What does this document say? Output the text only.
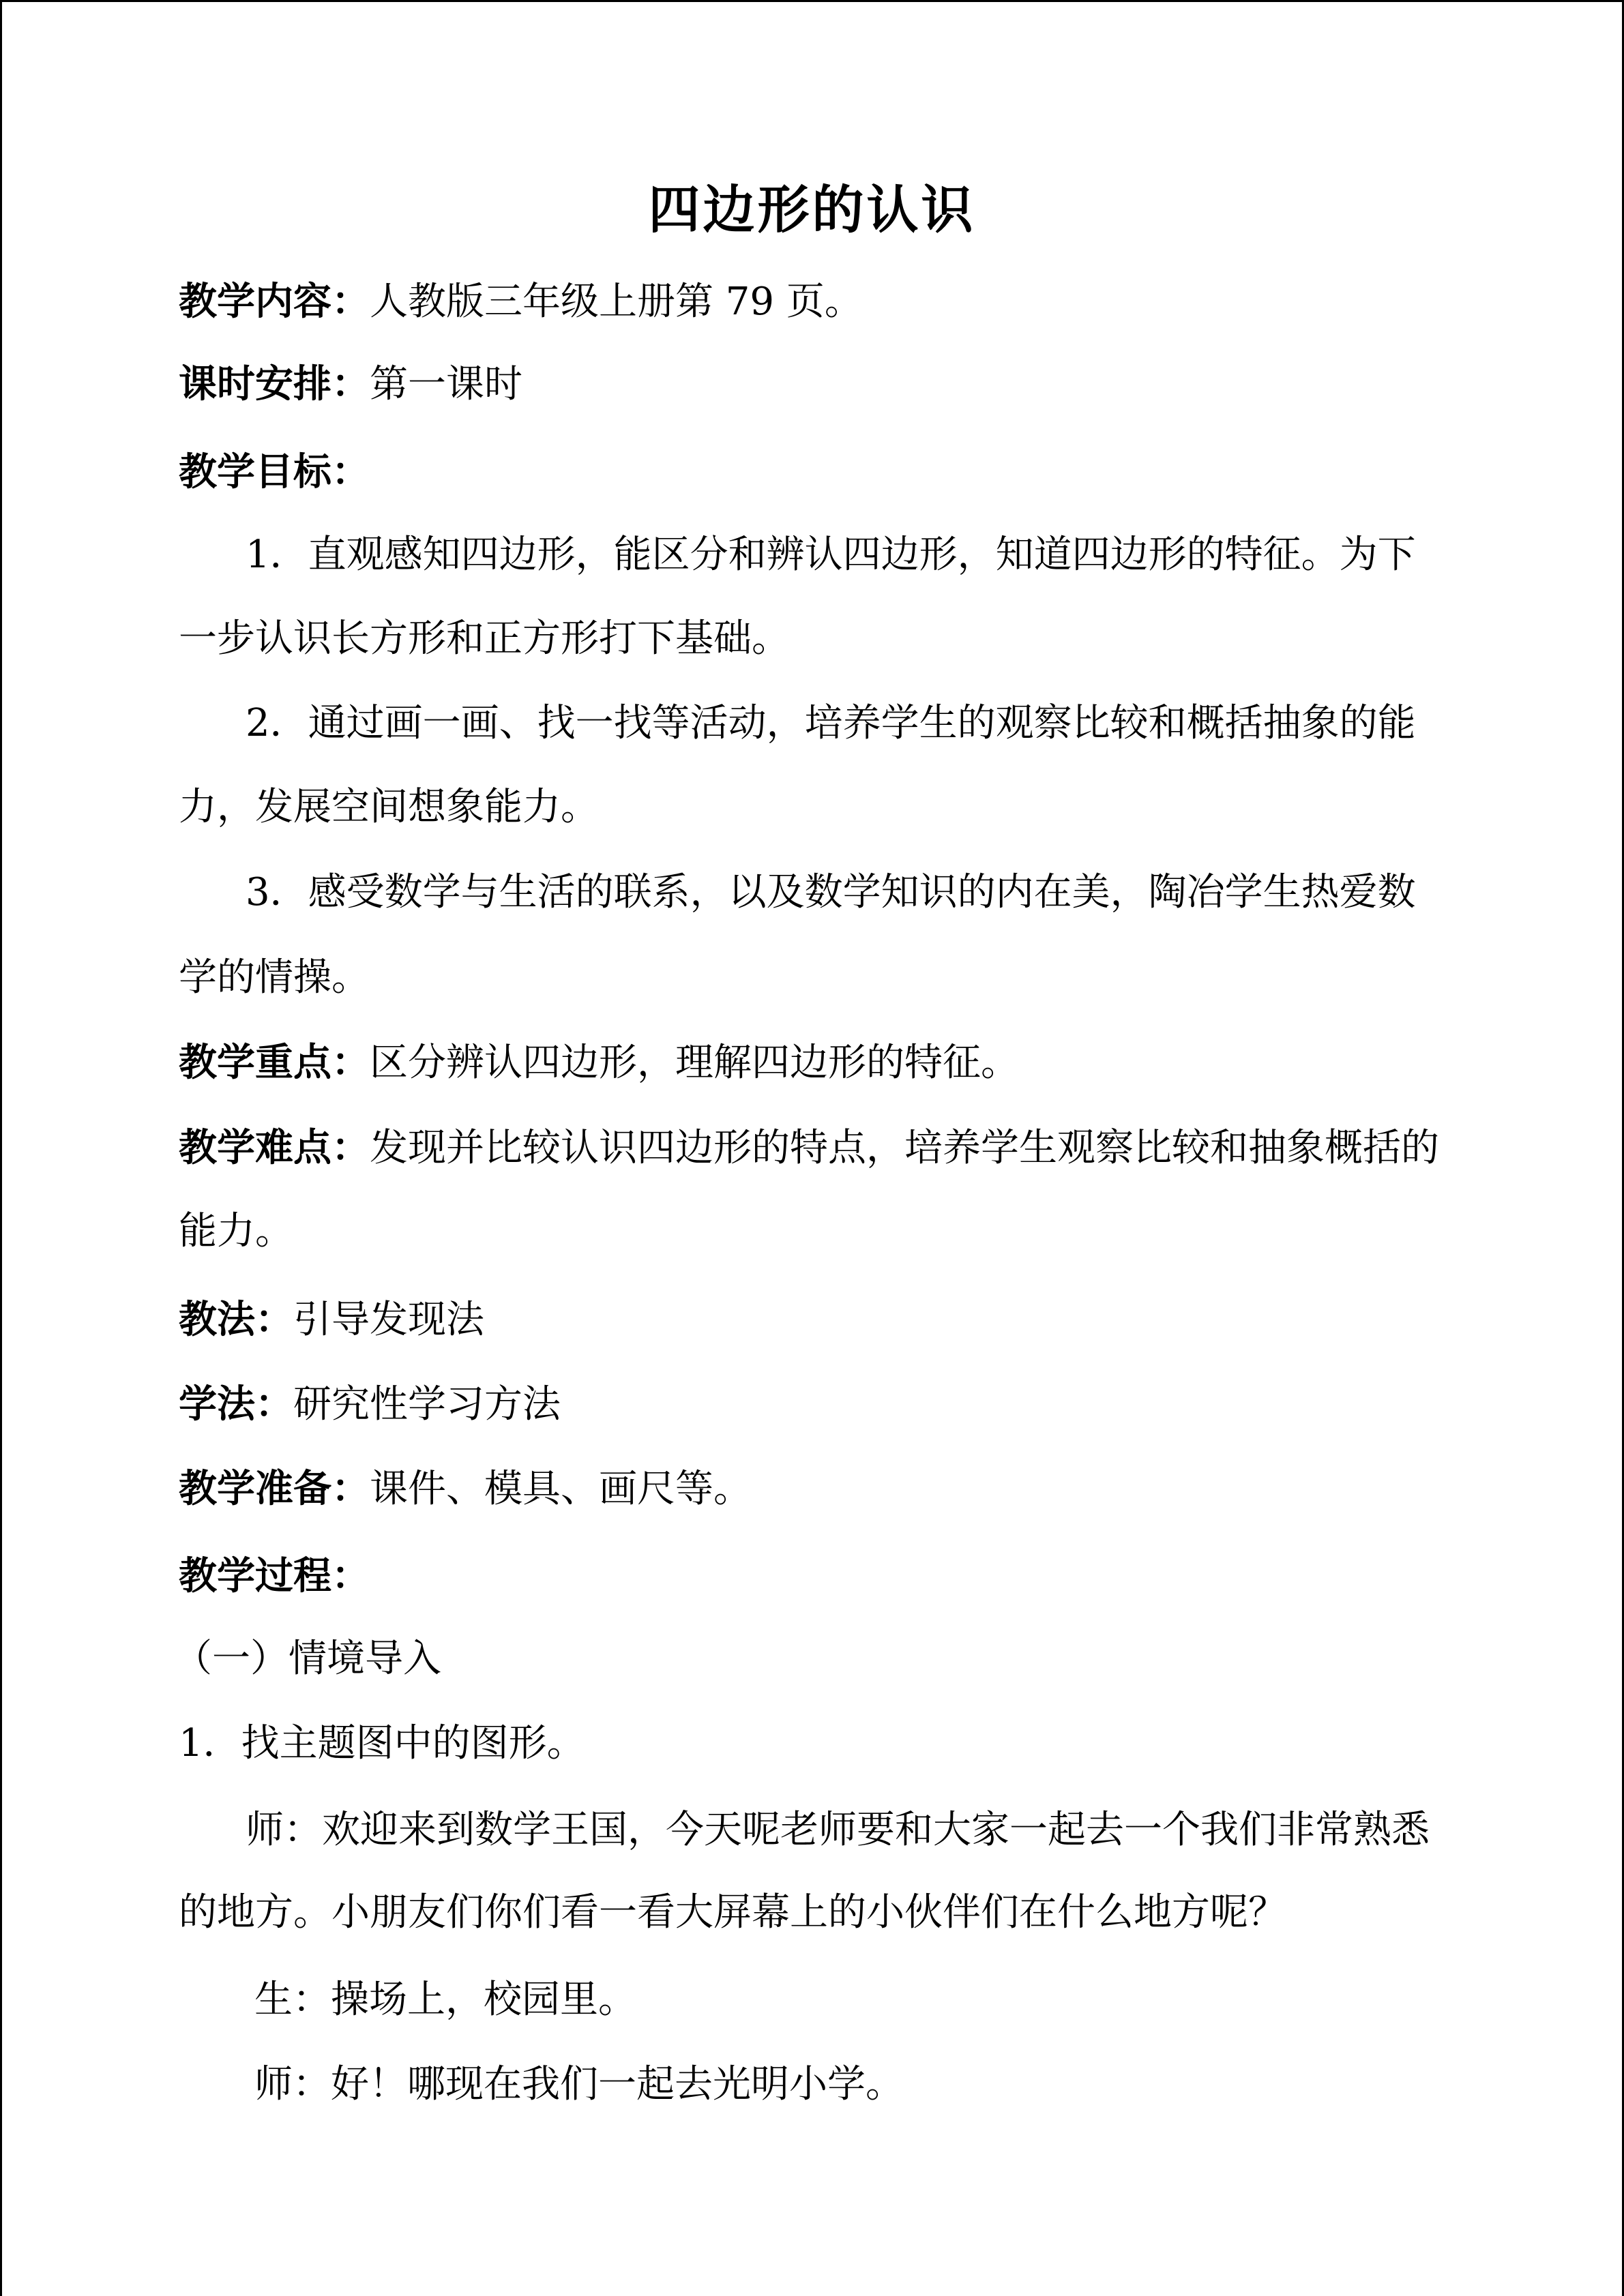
四边形的认识
教学内容：人教版三年级上册第 79 页。
课时安排：第一课时
教学目标：
1．直观感知四边形，能区分和辨认四边形，知道四边形的特征。为下
一步认识长方形和正方形打下基础。
2．通过画一画、找一找等活动，培养学生的观察比较和概括抽象的能
力，发展空间想象能力。
3．感受数学与生活的联系，以及数学知识的内在美，陶冶学生热爱数
学的情操。
教学重点：区分辨认四边形，理解四边形的特征。
教学难点：发现并比较认识四边形的特点，培养学生观察比较和抽象概括的
能力。
教法：引导发现法
学法：研究性学习方法
教学准备：课件、模具、画尺等。
教学过程：
（一）情境导入
1．找主题图中的图形。
师：欢迎来到数学王国，今天呢老师要和大家一起去一个我们非常熟悉
的地方。小朋友们你们看一看大屏幕上的小伙伴们在什么地方呢？
生：操场上，校园里。
师：好！哪现在我们一起去光明小学。
